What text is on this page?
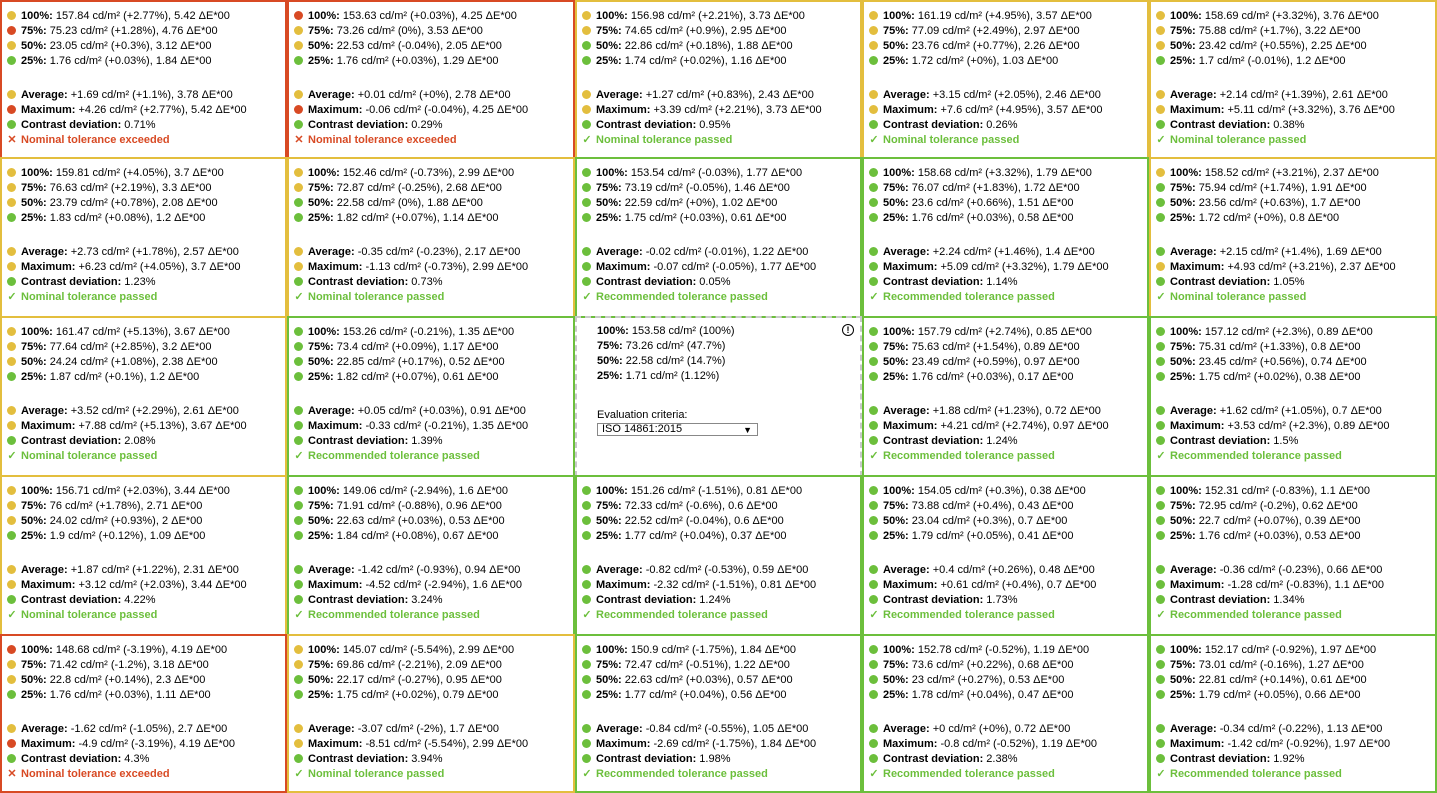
100%: 157.84 cd/m² (+2.77%), 5.42 ΔE*00
75%: 75.23 cd/m² (+1.28%), 4.76 ΔE*00
50%: 23.05 cd/m² (+0.3%), 3.12 ΔE*00
25%: 1.76 cd/m² (+0.03%), 1.84 ΔE*00
Average: +1.69 cd/m² (+1.1%), 3.78 ΔE*00
Maximum: +4.26 cd/m² (+2.77%), 5.42 ΔE*00
Contrast deviation: 0.71%
✕ Nominal tolerance exceeded
100%: 153.63 cd/m² (+0.03%), 4.25 ΔE*00
75%: 73.26 cd/m² (0%), 3.53 ΔE*00
50%: 22.53 cd/m² (-0.04%), 2.05 ΔE*00
25%: 1.76 cd/m² (+0.03%), 1.29 ΔE*00
Average: +0.01 cd/m² (+0%), 2.78 ΔE*00
Maximum: -0.06 cd/m² (-0.04%), 4.25 ΔE*00
Contrast deviation: 0.29%
✕ Nominal tolerance exceeded
100%: 156.98 cd/m² (+2.21%), 3.73 ΔE*00
75%: 74.65 cd/m² (+0.9%), 2.95 ΔE*00
50%: 22.86 cd/m² (+0.18%), 1.88 ΔE*00
25%: 1.74 cd/m² (+0.02%), 1.16 ΔE*00
Average: +1.27 cd/m² (+0.83%), 2.43 ΔE*00
Maximum: +3.39 cd/m² (+2.21%), 3.73 ΔE*00
Contrast deviation: 0.95%
✓ Nominal tolerance passed
100%: 161.19 cd/m² (+4.95%), 3.57 ΔE*00
75%: 77.09 cd/m² (+2.49%), 2.97 ΔE*00
50%: 23.76 cd/m² (+0.77%), 2.26 ΔE*00
25%: 1.72 cd/m² (+0%), 1.03 ΔE*00
Average: +3.15 cd/m² (+2.05%), 2.46 ΔE*00
Maximum: +7.6 cd/m² (+4.95%), 3.57 ΔE*00
Contrast deviation: 0.26%
✓ Nominal tolerance passed
100%: 158.69 cd/m² (+3.32%), 3.76 ΔE*00
75%: 75.88 cd/m² (+1.7%), 3.22 ΔE*00
50%: 23.42 cd/m² (+0.55%), 2.25 ΔE*00
25%: 1.7 cd/m² (-0.01%), 1.2 ΔE*00
Average: +2.14 cd/m² (+1.39%), 2.61 ΔE*00
Maximum: +5.11 cd/m² (+3.32%), 3.76 ΔE*00
Contrast deviation: 0.38%
✓ Nominal tolerance passed
100%: 159.81 cd/m² (+4.05%), 3.7 ΔE*00
75%: 76.63 cd/m² (+2.19%), 3.3 ΔE*00
50%: 23.79 cd/m² (+0.78%), 2.08 ΔE*00
25%: 1.83 cd/m² (+0.08%), 1.2 ΔE*00
Average: +2.73 cd/m² (+1.78%), 2.57 ΔE*00
Maximum: +6.23 cd/m² (+4.05%), 3.7 ΔE*00
Contrast deviation: 1.23%
✓ Nominal tolerance passed
100%: 152.46 cd/m² (-0.73%), 2.99 ΔE*00
75%: 72.87 cd/m² (-0.25%), 2.68 ΔE*00
50%: 22.58 cd/m² (0%), 1.88 ΔE*00
25%: 1.82 cd/m² (+0.07%), 1.14 ΔE*00
Average: -0.35 cd/m² (-0.23%), 2.17 ΔE*00
Maximum: -1.13 cd/m² (-0.73%), 2.99 ΔE*00
Contrast deviation: 0.73%
✓ Nominal tolerance passed
100%: 153.54 cd/m² (-0.03%), 1.77 ΔE*00
75%: 73.19 cd/m² (-0.05%), 1.46 ΔE*00
50%: 22.59 cd/m² (+0%), 1.02 ΔE*00
25%: 1.75 cd/m² (+0.03%), 0.61 ΔE*00
Average: -0.02 cd/m² (-0.01%), 1.22 ΔE*00
Maximum: -0.07 cd/m² (-0.05%), 1.77 ΔE*00
Contrast deviation: 0.05%
✓ Recommended tolerance passed
100%: 158.68 cd/m² (+3.32%), 1.79 ΔE*00
75%: 76.07 cd/m² (+1.83%), 1.72 ΔE*00
50%: 23.6 cd/m² (+0.66%), 1.51 ΔE*00
25%: 1.76 cd/m² (+0.03%), 0.58 ΔE*00
Average: +2.24 cd/m² (+1.46%), 1.4 ΔE*00
Maximum: +5.09 cd/m² (+3.32%), 1.79 ΔE*00
Contrast deviation: 1.14%
✓ Recommended tolerance passed
100%: 158.52 cd/m² (+3.21%), 2.37 ΔE*00
75%: 75.94 cd/m² (+1.74%), 1.91 ΔE*00
50%: 23.56 cd/m² (+0.63%), 1.7 ΔE*00
25%: 1.72 cd/m² (+0%), 0.8 ΔE*00
Average: +2.15 cd/m² (+1.4%), 1.69 ΔE*00
Maximum: +4.93 cd/m² (+3.21%), 2.37 ΔE*00
Contrast deviation: 1.05%
✓ Nominal tolerance passed
100%: 161.47 cd/m² (+5.13%), 3.67 ΔE*00
75%: 77.64 cd/m² (+2.85%), 3.2 ΔE*00
50%: 24.24 cd/m² (+1.08%), 2.38 ΔE*00
25%: 1.87 cd/m² (+0.1%), 1.2 ΔE*00
Average: +3.52 cd/m² (+2.29%), 2.61 ΔE*00
Maximum: +7.88 cd/m² (+5.13%), 3.67 ΔE*00
Contrast deviation: 2.08%
✓ Nominal tolerance passed
100%: 153.26 cd/m² (-0.21%), 1.35 ΔE*00
75%: 73.4 cd/m² (+0.09%), 1.17 ΔE*00
50%: 22.85 cd/m² (+0.17%), 0.52 ΔE*00
25%: 1.82 cd/m² (+0.07%), 0.61 ΔE*00
Average: +0.05 cd/m² (+0.03%), 0.91 ΔE*00
Maximum: -0.33 cd/m² (-0.21%), 1.35 ΔE*00
Contrast deviation: 1.39%
✓ Recommended tolerance passed
!
100%: 153.58 cd/m² (100%)
75%: 73.26 cd/m² (47.7%)
50%: 22.58 cd/m² (14.7%)
25%: 1.71 cd/m² (1.12%)
Evaluation criteria:
ISO 14861:2015	▼
100%: 157.79 cd/m² (+2.74%), 0.85 ΔE*00
75%: 75.63 cd/m² (+1.54%), 0.89 ΔE*00
50%: 23.49 cd/m² (+0.59%), 0.97 ΔE*00
25%: 1.76 cd/m² (+0.03%), 0.17 ΔE*00
Average: +1.88 cd/m² (+1.23%), 0.72 ΔE*00
Maximum: +4.21 cd/m² (+2.74%), 0.97 ΔE*00
Contrast deviation: 1.24%
✓ Recommended tolerance passed
100%: 157.12 cd/m² (+2.3%), 0.89 ΔE*00
75%: 75.31 cd/m² (+1.33%), 0.8 ΔE*00
50%: 23.45 cd/m² (+0.56%), 0.74 ΔE*00
25%: 1.75 cd/m² (+0.02%), 0.38 ΔE*00
Average: +1.62 cd/m² (+1.05%), 0.7 ΔE*00
Maximum: +3.53 cd/m² (+2.3%), 0.89 ΔE*00
Contrast deviation: 1.5%
✓ Recommended tolerance passed
100%: 156.71 cd/m² (+2.03%), 3.44 ΔE*00
75%: 76 cd/m² (+1.78%), 2.71 ΔE*00
50%: 24.02 cd/m² (+0.93%), 2 ΔE*00
25%: 1.9 cd/m² (+0.12%), 1.09 ΔE*00
Average: +1.87 cd/m² (+1.22%), 2.31 ΔE*00
Maximum: +3.12 cd/m² (+2.03%), 3.44 ΔE*00
Contrast deviation: 4.22%
✓ Nominal tolerance passed
100%: 149.06 cd/m² (-2.94%), 1.6 ΔE*00
75%: 71.91 cd/m² (-0.88%), 0.96 ΔE*00
50%: 22.63 cd/m² (+0.03%), 0.53 ΔE*00
25%: 1.84 cd/m² (+0.08%), 0.67 ΔE*00
Average: -1.42 cd/m² (-0.93%), 0.94 ΔE*00
Maximum: -4.52 cd/m² (-2.94%), 1.6 ΔE*00
Contrast deviation: 3.24%
✓ Recommended tolerance passed
100%: 151.26 cd/m² (-1.51%), 0.81 ΔE*00
75%: 72.33 cd/m² (-0.6%), 0.6 ΔE*00
50%: 22.52 cd/m² (-0.04%), 0.6 ΔE*00
25%: 1.77 cd/m² (+0.04%), 0.37 ΔE*00
Average: -0.82 cd/m² (-0.53%), 0.59 ΔE*00
Maximum: -2.32 cd/m² (-1.51%), 0.81 ΔE*00
Contrast deviation: 1.24%
✓ Recommended tolerance passed
100%: 154.05 cd/m² (+0.3%), 0.38 ΔE*00
75%: 73.88 cd/m² (+0.4%), 0.43 ΔE*00
50%: 23.04 cd/m² (+0.3%), 0.7 ΔE*00
25%: 1.79 cd/m² (+0.05%), 0.41 ΔE*00
Average: +0.4 cd/m² (+0.26%), 0.48 ΔE*00
Maximum: +0.61 cd/m² (+0.4%), 0.7 ΔE*00
Contrast deviation: 1.73%
✓ Recommended tolerance passed
100%: 152.31 cd/m² (-0.83%), 1.1 ΔE*00
75%: 72.95 cd/m² (-0.2%), 0.62 ΔE*00
50%: 22.7 cd/m² (+0.07%), 0.39 ΔE*00
25%: 1.76 cd/m² (+0.03%), 0.53 ΔE*00
Average: -0.36 cd/m² (-0.23%), 0.66 ΔE*00
Maximum: -1.28 cd/m² (-0.83%), 1.1 ΔE*00
Contrast deviation: 1.34%
✓ Recommended tolerance passed
100%: 148.68 cd/m² (-3.19%), 4.19 ΔE*00
75%: 71.42 cd/m² (-1.2%), 3.18 ΔE*00
50%: 22.8 cd/m² (+0.14%), 2.3 ΔE*00
25%: 1.76 cd/m² (+0.03%), 1.11 ΔE*00
Average: -1.62 cd/m² (-1.05%), 2.7 ΔE*00
Maximum: -4.9 cd/m² (-3.19%), 4.19 ΔE*00
Contrast deviation: 4.3%
✕ Nominal tolerance exceeded
100%: 145.07 cd/m² (-5.54%), 2.99 ΔE*00
75%: 69.86 cd/m² (-2.21%), 2.09 ΔE*00
50%: 22.17 cd/m² (-0.27%), 0.95 ΔE*00
25%: 1.75 cd/m² (+0.02%), 0.79 ΔE*00
Average: -3.07 cd/m² (-2%), 1.7 ΔE*00
Maximum: -8.51 cd/m² (-5.54%), 2.99 ΔE*00
Contrast deviation: 3.94%
✓ Nominal tolerance passed
100%: 150.9 cd/m² (-1.75%), 1.84 ΔE*00
75%: 72.47 cd/m² (-0.51%), 1.22 ΔE*00
50%: 22.63 cd/m² (+0.03%), 0.57 ΔE*00
25%: 1.77 cd/m² (+0.04%), 0.56 ΔE*00
Average: -0.84 cd/m² (-0.55%), 1.05 ΔE*00
Maximum: -2.69 cd/m² (-1.75%), 1.84 ΔE*00
Contrast deviation: 1.98%
✓ Recommended tolerance passed
100%: 152.78 cd/m² (-0.52%), 1.19 ΔE*00
75%: 73.6 cd/m² (+0.22%), 0.68 ΔE*00
50%: 23 cd/m² (+0.27%), 0.53 ΔE*00
25%: 1.78 cd/m² (+0.04%), 0.47 ΔE*00
Average: +0 cd/m² (+0%), 0.72 ΔE*00
Maximum: -0.8 cd/m² (-0.52%), 1.19 ΔE*00
Contrast deviation: 2.38%
✓ Recommended tolerance passed
100%: 152.17 cd/m² (-0.92%), 1.97 ΔE*00
75%: 73.01 cd/m² (-0.16%), 1.27 ΔE*00
50%: 22.81 cd/m² (+0.14%), 0.61 ΔE*00
25%: 1.79 cd/m² (+0.05%), 0.66 ΔE*00
Average: -0.34 cd/m² (-0.22%), 1.13 ΔE*00
Maximum: -1.42 cd/m² (-0.92%), 1.97 ΔE*00
Contrast deviation: 1.92%
✓ Recommended tolerance passed
